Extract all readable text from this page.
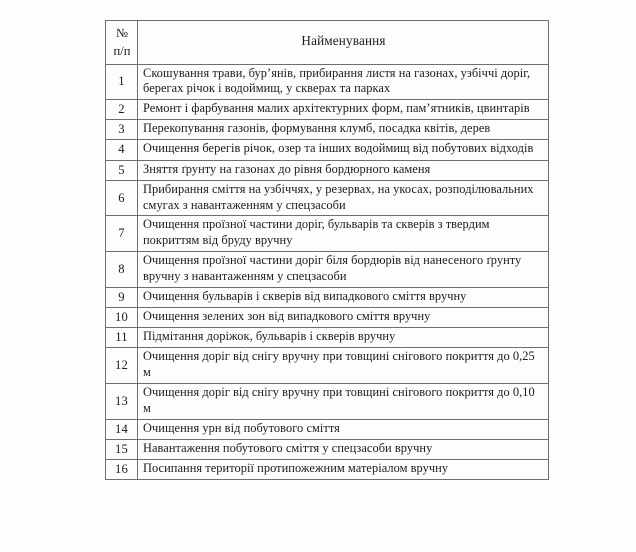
№
п/п	Найменування
1	Скошування трави, бур’янів, прибирання листя на газонах, узбіччі доріг, берегах річок і водоймищ, у скверах та парках
2	Ремонт і фарбування малих архітектурних форм, пам’ятників, цвинтарів
3	Перекопування газонів, формування клумб, посадка квітів, дерев
4	Очищення берегів річок, озер та інших водоймищ від побутових відходів
5	Зняття ґрунту на газонах до рівня бордюрного каменя
6	Прибирання сміття на узбіччях, у резервах, на укосах, розподілювальних смугах з навантаженням у спецзасоби
7	Очищення проїзної частини доріг, бульварів та скверів з твердим покриттям від бруду вручну
8	Очищення проїзної частини доріг біля бордюрів від нанесеного ґрунту вручну з навантаженням у спецзасоби
9	Очищення бульварів і скверів від випадкового сміття вручну
10	Очищення зелених зон від випадкового сміття вручну
11	Підмітання доріжок, бульварів і скверів вручну
12	Очищення доріг від снігу вручну при товщині снігового покриття до 0,25 м
13	Очищення доріг від снігу вручну при товщині снігового покриття до 0,10 м
14	Очищення урн від побутового сміття
15	Навантаження побутового сміття у спецзасоби вручну
16	Посипання території протипожежним матеріалом вручну
